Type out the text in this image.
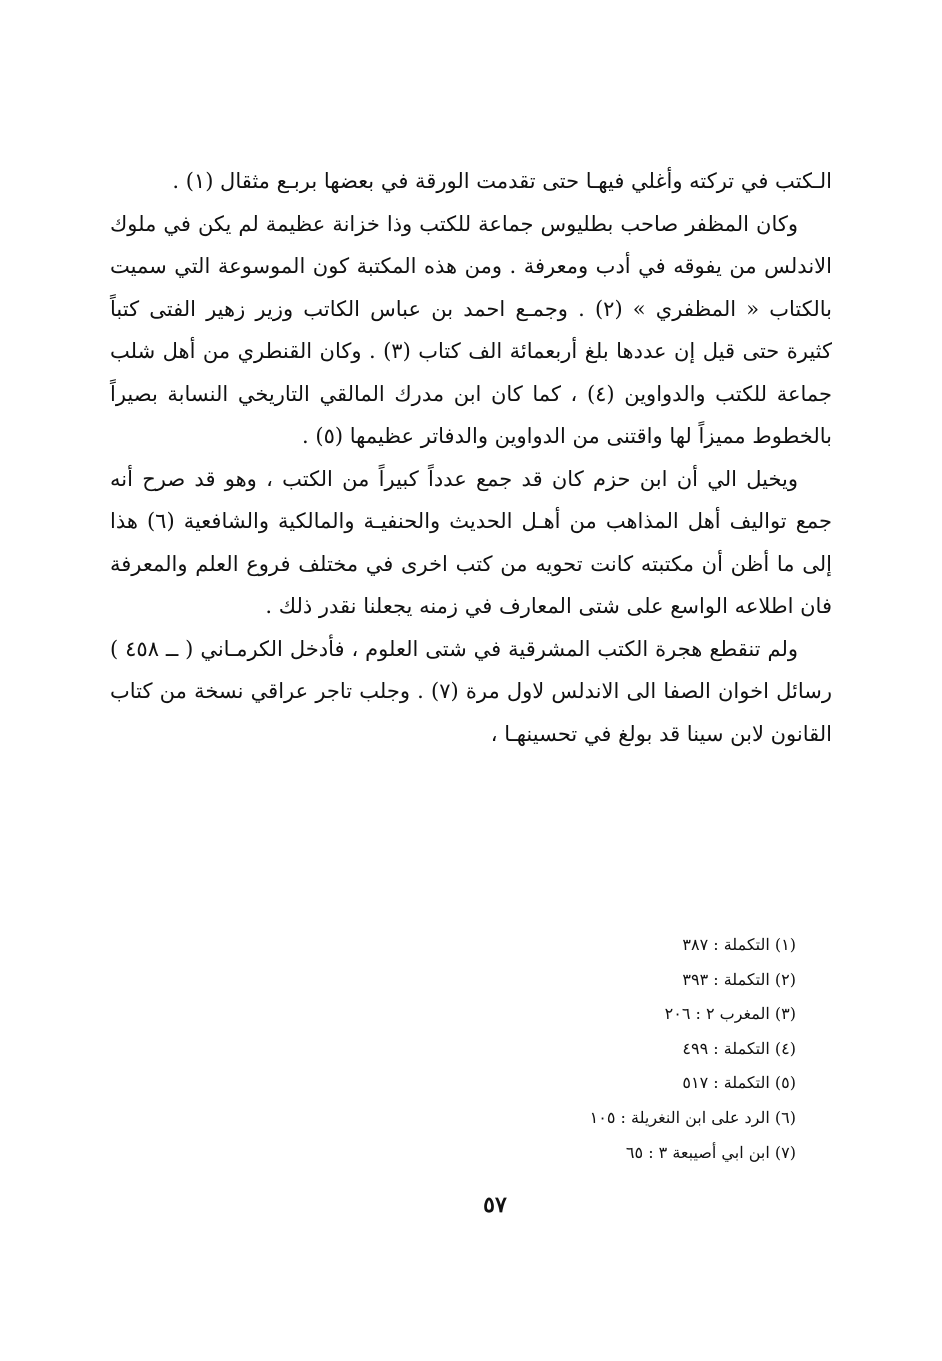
الـكتب في تركته وأغلي فيهـا حتى تقدمت الورقة في بعضها بربـع مثقال (١) .

وكان المظفر صاحب بطليوس جماعة للكتب وذا خزانة عظيمة لم يكن في ملوك الاندلس من يفوقه في أدب ومعرفة . ومن هذه المكتبة كون الموسوعة التي سميت بالكتاب « المظفري » (٢) . وجمـع احمد بن عباس الكاتب وزير زهير الفتى كتباً كثيرة حتى قيل إن عددها بلغ أربعمائة الف كتاب (٣) . وكان القنطري من أهل شلب جماعة للكتب والدواوين (٤) ، كما كان ابن مدرك المالقي التاريخي النسابة بصيراً بالخطوط مميزاً لها واقتنى من الدواوين والدفاتر عظيمها (٥) .

ويخيل الي أن ابن حزم كان قد جمع عدداً كبيراً من الكتب ، وهو قد صرح أنه جمع تواليف أهل المذاهب من أهـل الحديث والحنفيـة والمالكية والشافعية (٦) هذا إلى ما أظن أن مكتبته كانت تحويه من كتب اخرى في مختلف فروع العلم والمعرفة فان اطلاعه الواسع على شتى المعارف في زمنه يجعلنا نقدر ذلك .

ولم تنقطع هجرة الكتب المشرقية في شتى العلوم ، فأدخل الكرمـاني ( ــ ٤٥٨ ) رسائل اخوان الصفا الى الاندلس لاول مرة (٧) . وجلب تاجر عراقي نسخة من كتاب القانون لابن سينا قد بولغ في تحسينهـا ،

(١) التكملة : ٣٨٧
(٢) التكملة : ٣٩٣
(٣) المغرب ٢ : ٢٠٦
(٤) التكملة : ٤٩٩
(٥) التكملة : ٥١٧
(٦) الرد على ابن النغريلة : ١٠٥
(٧) ابن ابي أصيبعة ٣ : ٦٥
٥٧
